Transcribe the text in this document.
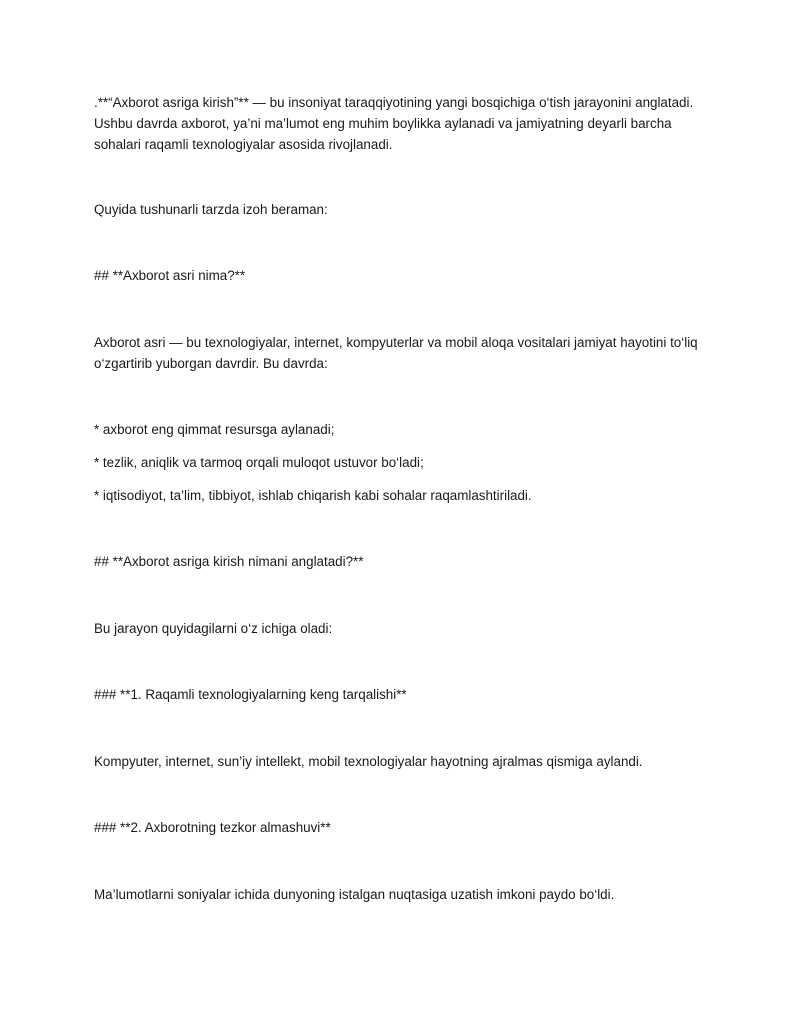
.**“Axborot asriga kirish”** — bu insoniyat taraqqiyotining yangi bosqichiga o‘tish jarayonini anglatadi.
Ushbu davrda axborot, ya’ni ma’lumot eng muhim boylikka aylanadi va jamiyatning deyarli barcha
sohalari raqamli texnologiyalar asosida rivojlanadi.

Quyida tushunarli tarzda izoh beraman:

## **Axborot asri nima?**

Axborot asri — bu texnologiyalar, internet, kompyuterlar va mobil aloqa vositalari jamiyat hayotini to‘liq
o‘zgartirib yuborgan davrdir. Bu davrda:

* axborot eng qimmat resursga aylanadi;

* tezlik, aniqlik va tarmoq orqali muloqot ustuvor bo‘ladi;

* iqtisodiyot, ta’lim, tibbiyot, ishlab chiqarish kabi sohalar raqamlashtiriladi.

## **Axborot asriga kirish nimani anglatadi?**

Bu jarayon quyidagilarni o‘z ichiga oladi:

### **1. Raqamli texnologiyalarning keng tarqalishi**

Kompyuter, internet, sun’iy intellekt, mobil texnologiyalar hayotning ajralmas qismiga aylandi.

### **2. Axborotning tezkor almashuvi**

Ma’lumotlarni soniyalar ichida dunyoning istalgan nuqtasiga uzatish imkoni paydo bo‘ldi.
